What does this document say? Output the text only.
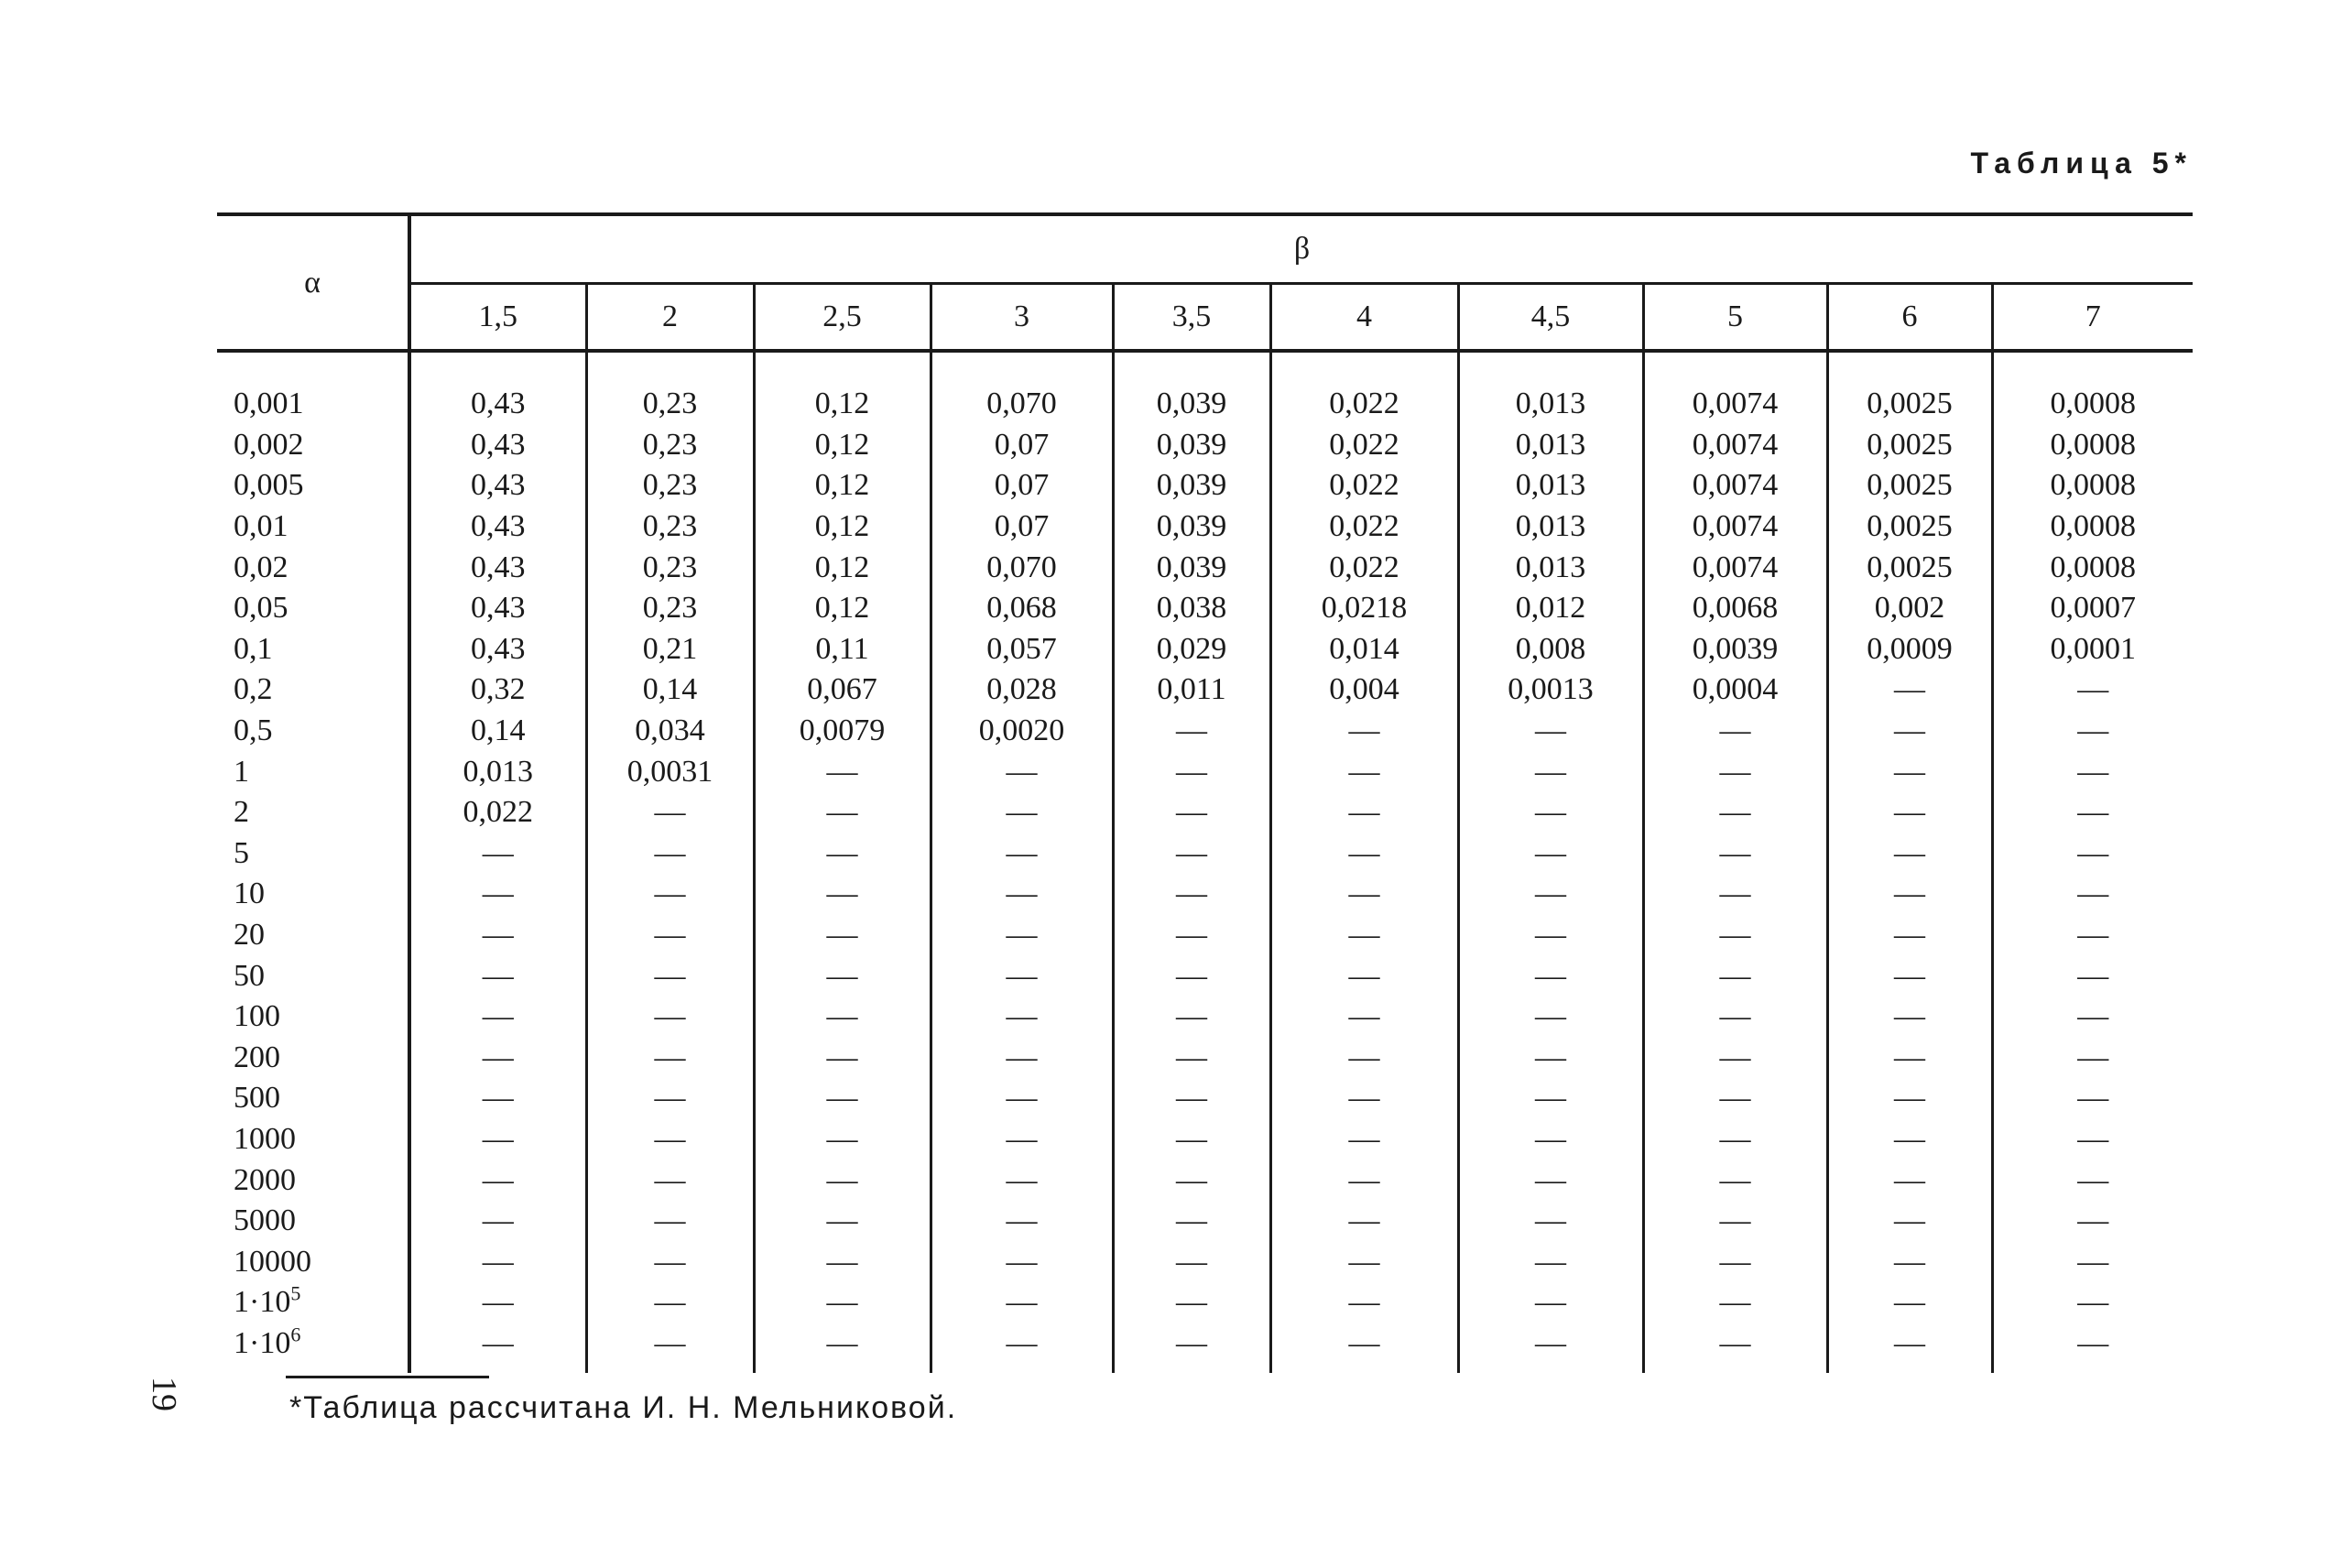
Таблица 5*
α	β									
	1,5	2	2,5	3	3,5	4	4,5	5	6	7
0,001	0,43	0,23	0,12	0,070	0,039	0,022	0,013	0,0074	0,0025	0,0008
0,002	0,43	0,23	0,12	0,07	0,039	0,022	0,013	0,0074	0,0025	0,0008
0,005	0,43	0,23	0,12	0,07	0,039	0,022	0,013	0,0074	0,0025	0,0008
0,01	0,43	0,23	0,12	0,07	0,039	0,022	0,013	0,0074	0,0025	0,0008
0,02	0,43	0,23	0,12	0,070	0,039	0,022	0,013	0,0074	0,0025	0,0008
0,05	0,43	0,23	0,12	0,068	0,038	0,0218	0,012	0,0068	0,002	0,0007
0,1	0,43	0,21	0,11	0,057	0,029	0,014	0,008	0,0039	0,0009	0,0001
0,2	0,32	0,14	0,067	0,028	0,011	0,004	0,0013	0,0004	—	—
0,5	0,14	0,034	0,0079	0,0020	—	—	—	—	—	—
1	0,013	0,0031	—	—	—	—	—	—	—	—
2	0,022	—	—	—	—	—	—	—	—	—
5	—	—	—	—	—	—	—	—	—	—
10	—	—	—	—	—	—	—	—	—	—
20	—	—	—	—	—	—	—	—	—	—
50	—	—	—	—	—	—	—	—	—	—
100	—	—	—	—	—	—	—	—	—	—
200	—	—	—	—	—	—	—	—	—	—
500	—	—	—	—	—	—	—	—	—	—
1000	—	—	—	—	—	—	—	—	—	—
2000	—	—	—	—	—	—	—	—	—	—
5000	—	—	—	—	—	—	—	—	—	—
10000	—	—	—	—	—	—	—	—	—	—
$1\cdot 10^5$	—	—	—	—	—	—	—	—	—	—
$1\cdot 10^6$	—	—	—	—	—	—	—	—	—	—
*Таблица рассчитана И. Н. Мельниковой.
19
